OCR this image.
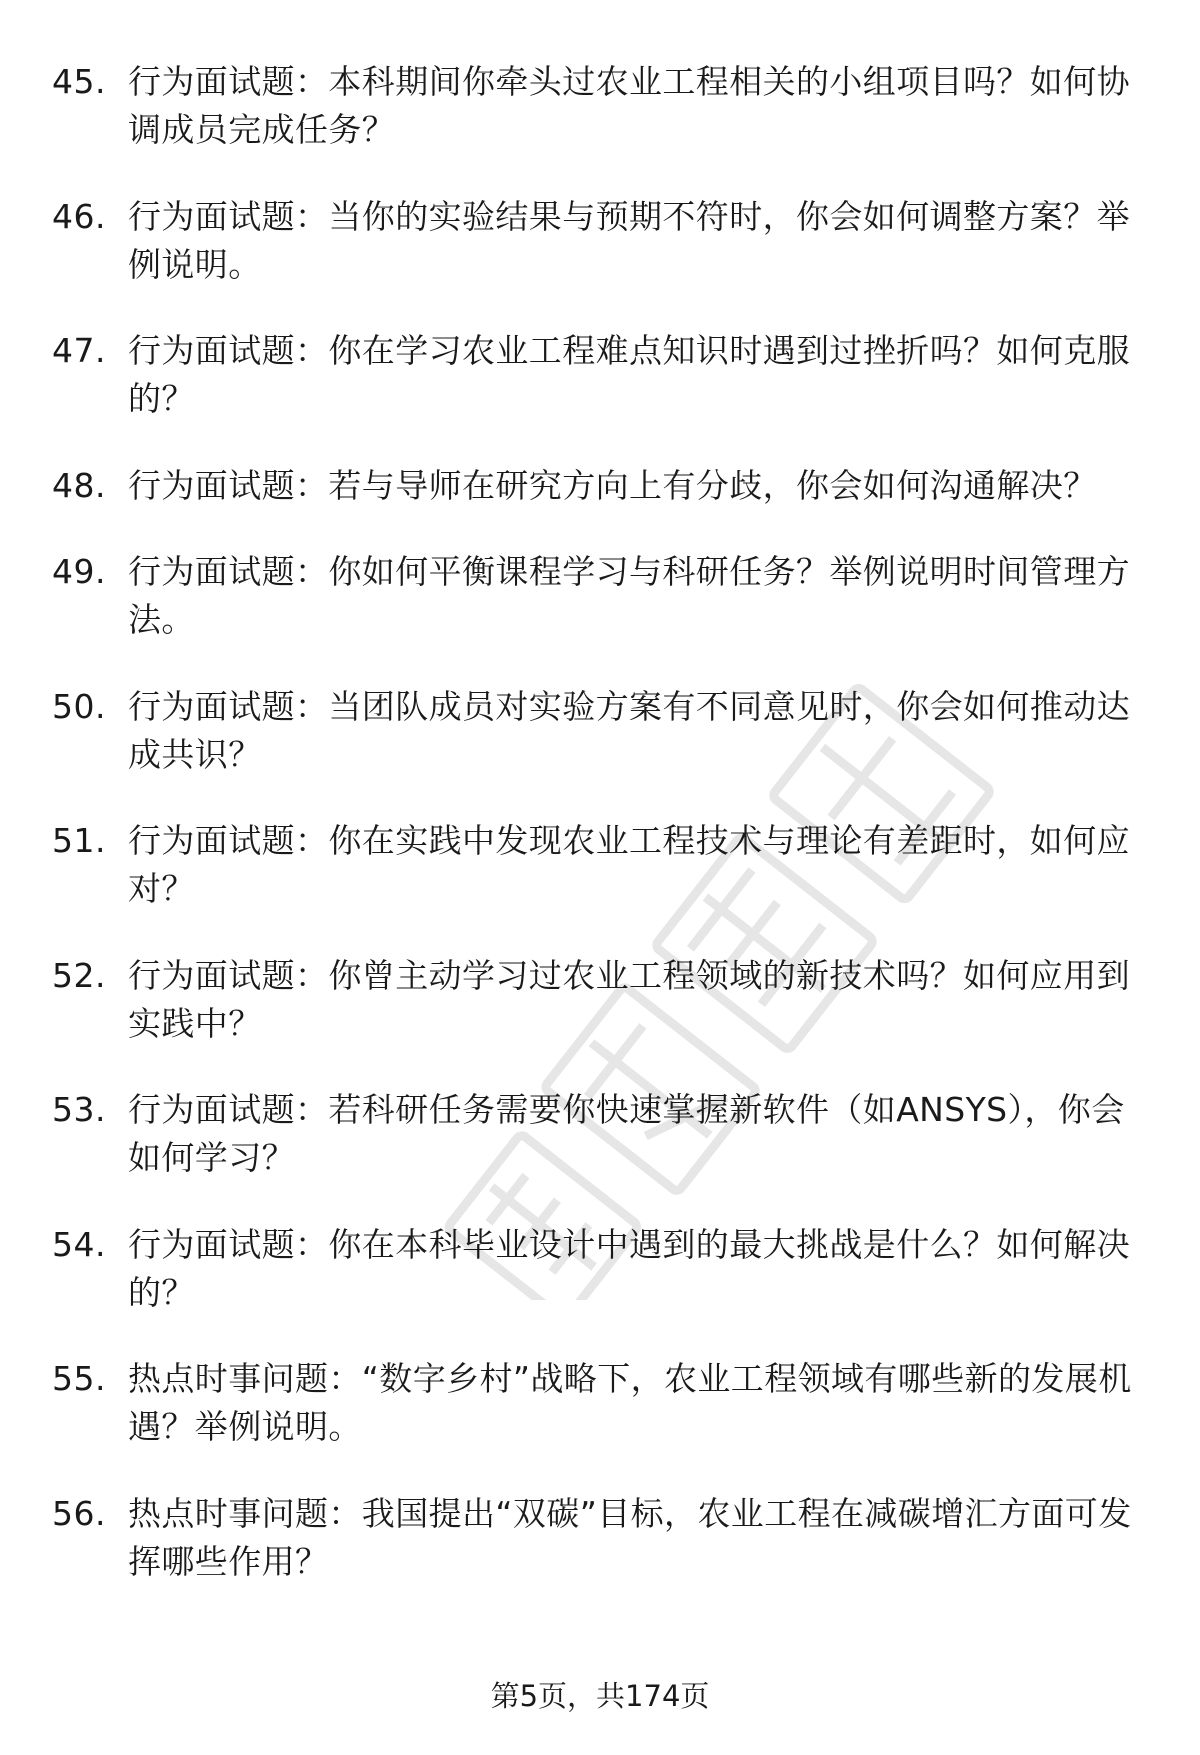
45. 行为面试题：本科期间你牵头过农业工程相关的小组项目吗？如何协调成员完成任务？
46. 行为面试题：当你的实验结果与预期不符时，你会如何调整方案？举例说明。
47. 行为面试题：你在学习农业工程难点知识时遇到过挫折吗？如何克服的？
48. 行为面试题：若与导师在研究方向上有分歧，你会如何沟通解决？
49. 行为面试题：你如何平衡课程学习与科研任务？举例说明时间管理方法。
50. 行为面试题：当团队成员对实验方案有不同意见时，你会如何推动达成共识？
51. 行为面试题：你在实践中发现农业工程技术与理论有差距时，如何应对？
52. 行为面试题：你曾主动学习过农业工程领域的新技术吗？如何应用到实践中？
53. 行为面试题：若科研任务需要你快速掌握新软件（如ANSYS），你会如何学习？
54. 行为面试题：你在本科毕业设计中遇到的最大挑战是什么？如何解决的？
55. 热点时事问题：“数字乡村”战略下，农业工程领域有哪些新的发展机遇？举例说明。
56. 热点时事问题：我国提出“双碳”目标，农业工程在减碳增汇方面可发挥哪些作用？
第5页，共174页
